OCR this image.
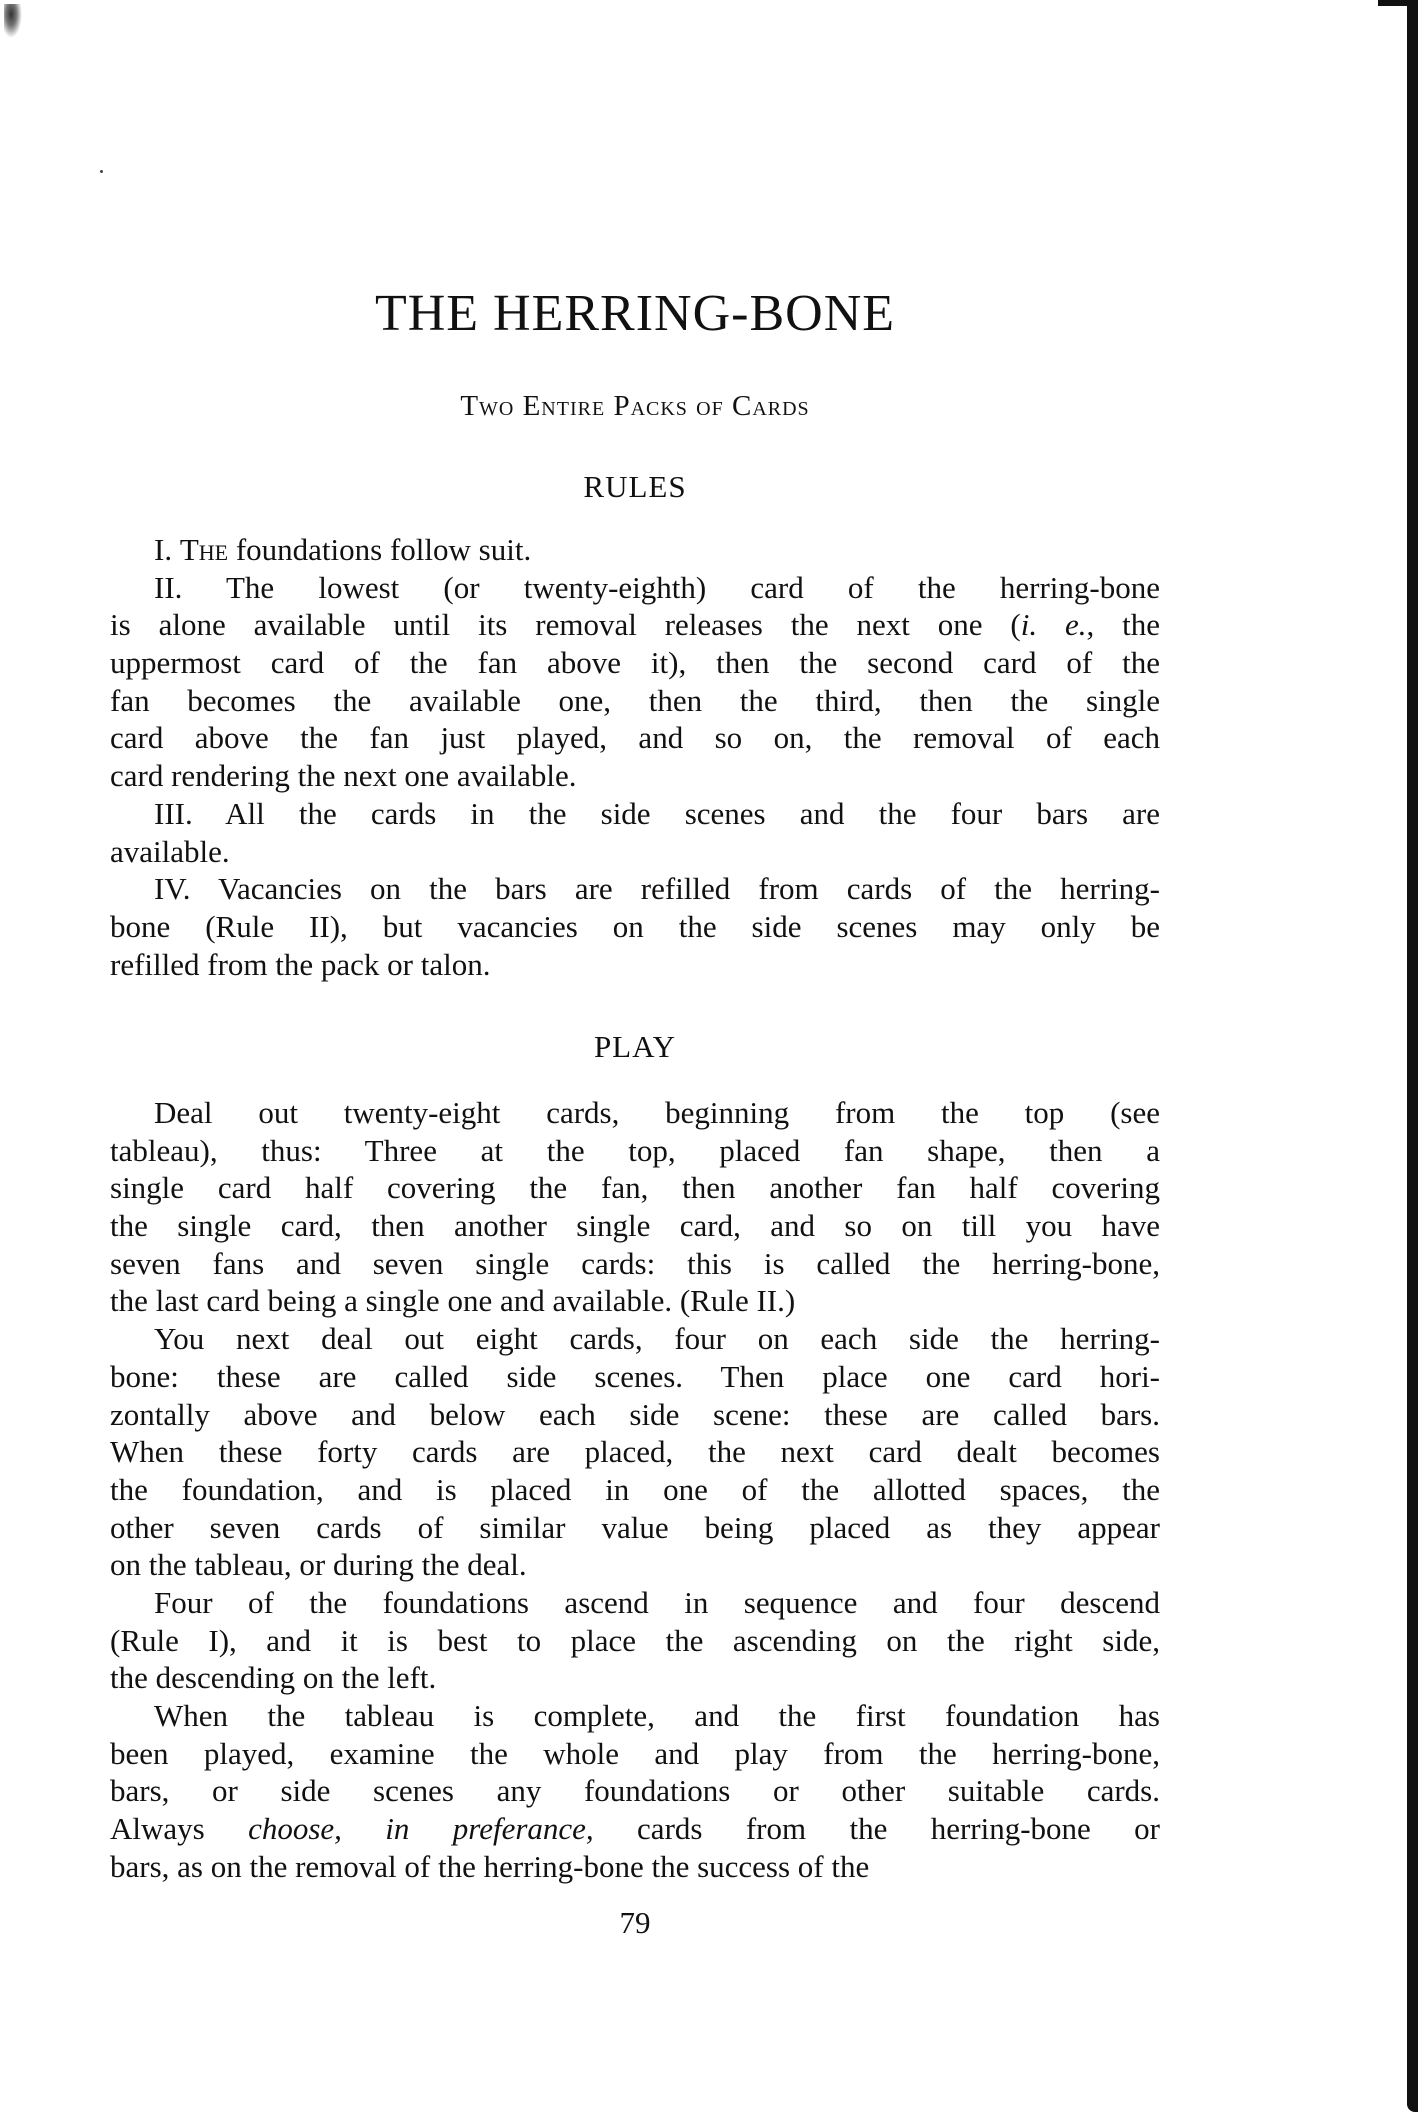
THE HERRING-BONE
Two Entire Packs of Cards
RULES
I. The foundations follow suit.
II. The lowest (or twenty-eighth) card of the herring-bone
is alone available until its removal releases the next one (i. e., the
uppermost card of the fan above it), then the second card of the
fan becomes the available one, then the third, then the single
card above the fan just played, and so on, the removal of each
card rendering the next one available.
III. All the cards in the side scenes and the four bars are
available.
IV. Vacancies on the bars are refilled from cards of the herring-
bone (Rule II), but vacancies on the side scenes may only be
refilled from the pack or talon.
PLAY
Deal out twenty-eight cards, beginning from the top (see
tableau), thus: Three at the top, placed fan shape, then a
single card half covering the fan, then another fan half covering
the single card, then another single card, and so on till you have
seven fans and seven single cards: this is called the herring-bone,
the last card being a single one and available. (Rule II.)
You next deal out eight cards, four on each side the herring-
bone: these are called side scenes. Then place one card hori-
zontally above and below each side scene: these are called bars.
When these forty cards are placed, the next card dealt becomes
the foundation, and is placed in one of the allotted spaces, the
other seven cards of similar value being placed as they appear
on the tableau, or during the deal.
Four of the foundations ascend in sequence and four descend
(Rule I), and it is best to place the ascending on the right side,
the descending on the left.
When the tableau is complete, and the first foundation has
been played, examine the whole and play from the herring-bone,
bars, or side scenes any foundations or other suitable cards.
Always choose, in preferance, cards from the herring-bone or
bars, as on the removal of the herring-bone the success of the
79
